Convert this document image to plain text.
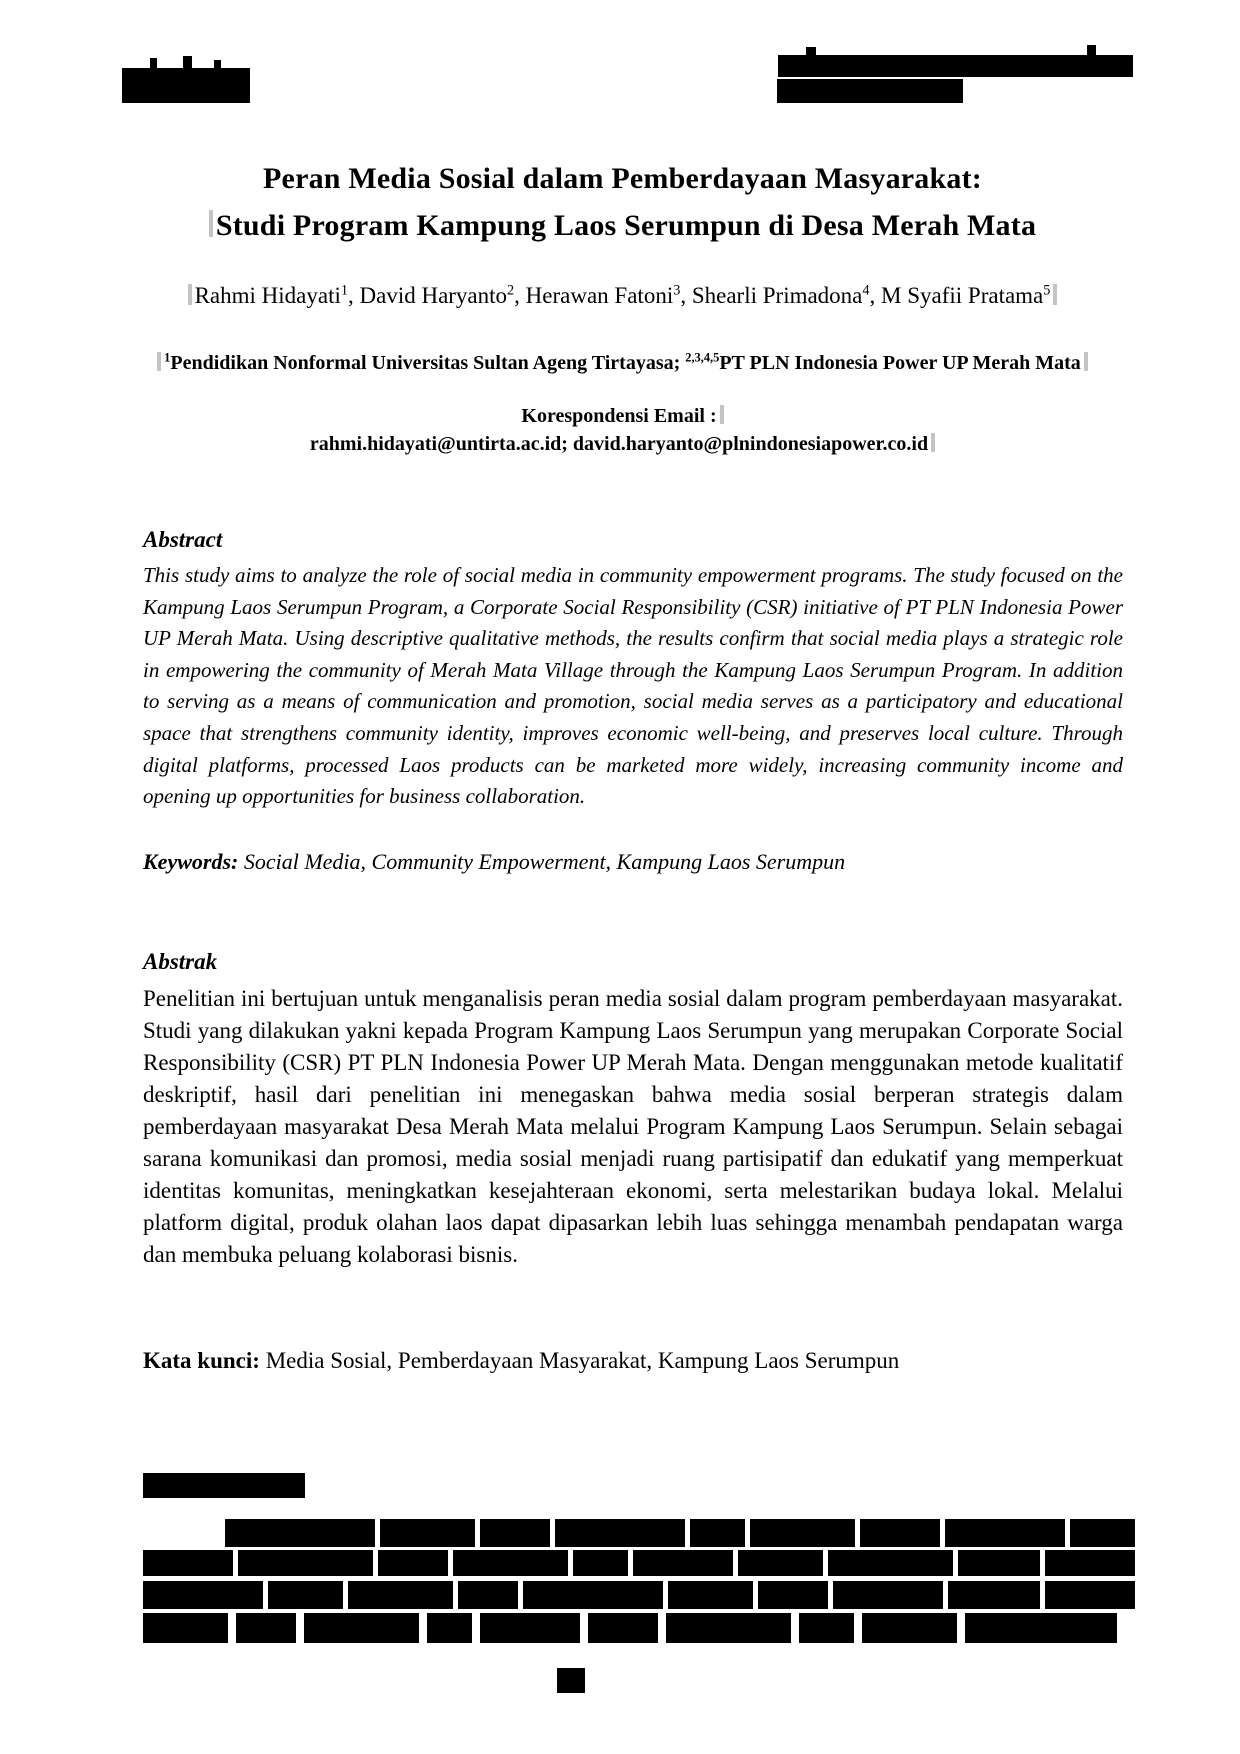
Peran Media Sosial dalam Pemberdayaan Masyarakat:
Studi Program Kampung Laos Serumpun di Desa Merah Mata

Rahmi Hidayati$^1$, David Haryanto$^2$, Herawan Fatoni$^3$, Shearli Primadona$^4$, M Syafii Pratama$^5$

$^1$Pendidikan Nonformal Universitas Sultan Ageng Tirtayasa; $^{2,3,4,5}$PT PLN Indonesia Power UP Merah Mata

Korespondensi Email :

rahmi.hidayati@untirta.ac.id; david.haryanto@plnindonesiapower.co.id

Abstract

This study aims to analyze the role of social media in community empowerment programs. The study focused on the Kampung Laos Serumpun Program, a Corporate Social Responsibility (CSR) initiative of PT PLN Indonesia Power UP Merah Mata. Using descriptive qualitative methods, the results confirm that social media plays a strategic role in empowering the community of Merah Mata Village through the Kampung Laos Serumpun Program. In addition to serving as a means of communication and promotion, social media serves as a participatory and educational space that strengthens community identity, improves economic well-being, and preserves local culture. Through digital platforms, processed Laos products can be marketed more widely, increasing community income and opening up opportunities for business collaboration.

Keywords: Social Media, Community Empowerment, Kampung Laos Serumpun

Abstrak

Penelitian ini bertujuan untuk menganalisis peran media sosial dalam program pemberdayaan masyarakat. Studi yang dilakukan yakni kepada Program Kampung Laos Serumpun yang merupakan Corporate Social Responsibility (CSR) PT PLN Indonesia Power UP Merah Mata. Dengan menggunakan metode kualitatif deskriptif, hasil dari penelitian ini menegaskan bahwa media sosial berperan strategis dalam pemberdayaan masyarakat Desa Merah Mata melalui Program Kampung Laos Serumpun. Selain sebagai sarana komunikasi dan promosi, media sosial menjadi ruang partisipatif dan edukatif yang memperkuat identitas komunitas, meningkatkan kesejahteraan ekonomi, serta melestarikan budaya lokal. Melalui platform digital, produk olahan laos dapat dipasarkan lebih luas sehingga menambah pendapatan warga dan membuka peluang kolaborasi bisnis.

Kata kunci: Media Sosial, Pemberdayaan Masyarakat, Kampung Laos Serumpun
